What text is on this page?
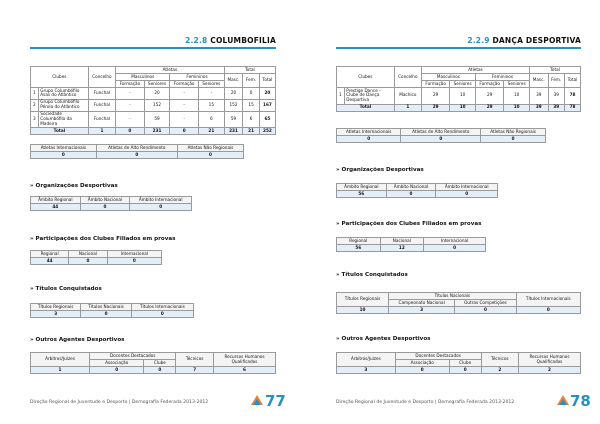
2.2.8 COLUMBOFILIA
Clubes		Concelho	Atletas				Total		
			Masculinos		Femininos		Masc.	Fem.	Total
			Formação	Seniores	Formação	Seniores			
1	Grupo Columbófilo Asas do Atlântico	Funchal	-	20	-	-	20	0	20
2	Grupo Columbófilo Pérola do Atlântico	Funchal	-	152	-	15	152	15	167
3	Sociedade Columbófila da Madeira	Funchal	-	59	-	6	59	6	65
Total		1	0	231	0	21	231	21	252
Atletas Internacionais	Atletas de Alto Rendimento	Atletas Não Regionais
0	0	0
» Organizações Desportivas
Âmbito Regional	Âmbito Nacional	Âmbito Internacional
44	0	0
» Participações dos Clubes Filiados em provas
Regional	Nacional	Internacional
44	0	0
» Títulos Conquistados
Títulos Regionais	Títulos Nacionais	Títulos Internacionais
3	0	0
» Outros Agentes Desportivos
Árbitros/Juízes	Docentes Destacados		Técnicos	Recursos Humanos Qualificados
	Associação	Clube		
1	0	0	7	6
Direção Regional de Juventude e Desporto | Demografia Federada 2013-2012	77
2.2.9 DANÇA DESPORTIVA
Clubes		Concelho	Atletas				Total		
			Masculinos		Femininos		Masc.	Fem.	Total
			Formação	Seniores	Formação	Seniores			
1	Prestige Dance - Clube de Dança Desportiva	Machico	29	10	29	10	39	39	78
Total		1	29	10	29	10	39	39	78
Atletas Internacionais	Atletas de Alto Rendimento	Atletas Não Regionais
0	0	0
» Organizações Desportivas
Âmbito Regional	Âmbito Nacional	Âmbito Internacional
56	0	0
» Participações dos Clubes Filiados em provas
Regional	Nacional	Internacional
56	12	0
» Títulos Conquistados
Títulos Regionais	Títulos Nacionais		Títulos Internacionais
	Campeonato Nacional	Outras Competições	
10	3	0	0
» Outros Agentes Desportivos
Árbitros/Juízes	Docentes Destacados		Técnicos	Recursos Humanos Qualificados
	Associação	Clube		
3	0	0	2	2
Direção Regional de Juventude e Desporto | Demografia Federada 2013-2012	78
